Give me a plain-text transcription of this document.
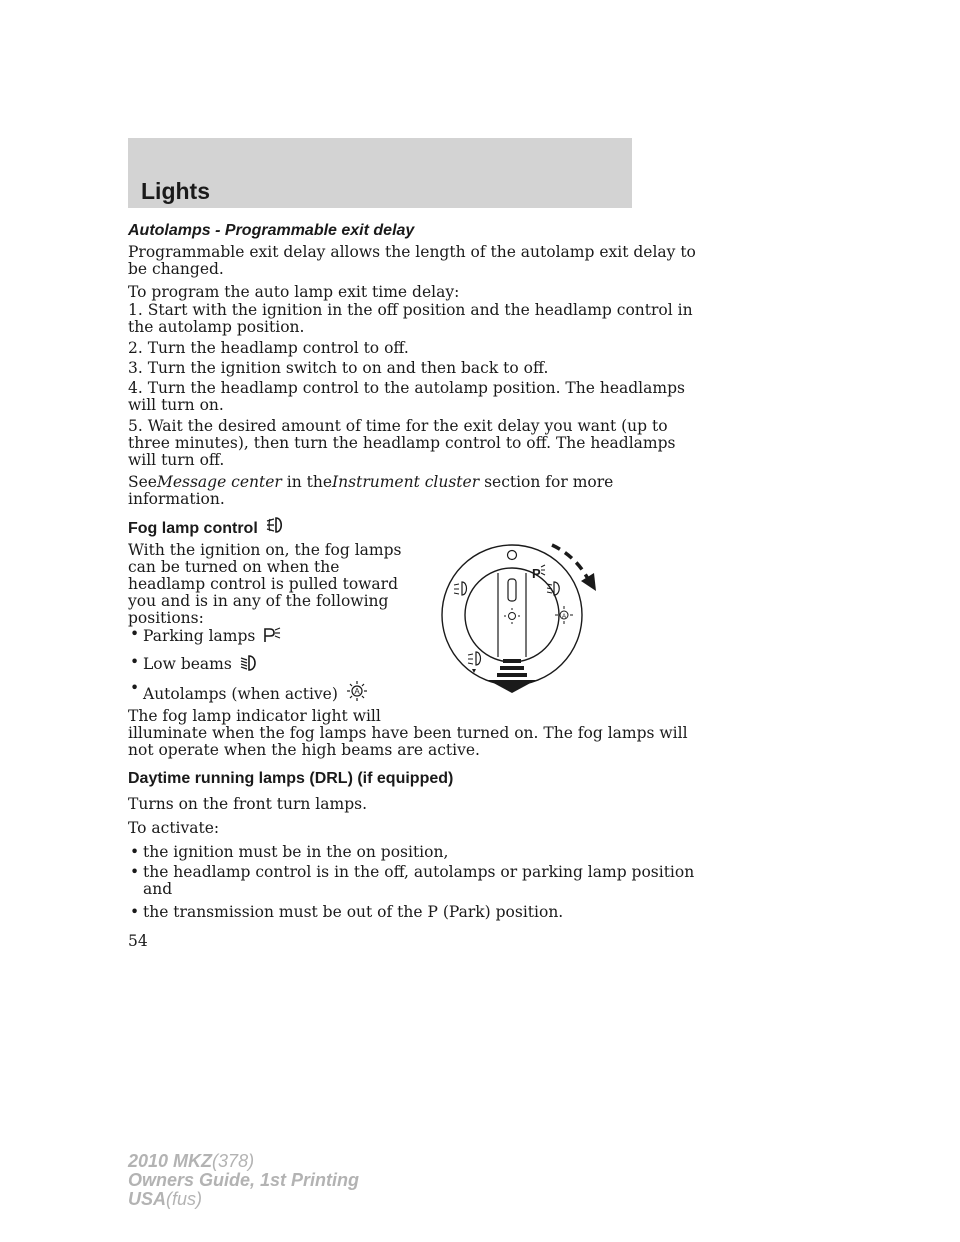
Lights
Autolamps - Programmable exit delay
Programmable exit delay allows the length of the autolamp exit delay to
be changed.
To program the auto lamp exit time delay:
1. Start with the ignition in the off position and the headlamp control in
the autolamp position.
2. Turn the headlamp control to off.
3. Turn the ignition switch to on and then back to off.
4. Turn the headlamp control to the autolamp position. The headlamps
will turn on.
5. Wait the desired amount of time for the exit delay you want (up to
three minutes), then turn the headlamp control to off. The headlamps
will turn off.
SeeMessage center in theInstrument cluster section for more
information.
Fog lamp control
With the ignition on, the fog lamps
can be turned on when the
headlamp control is pulled toward
you and is in any of the following
positions:
• Parking lamps
• Low beams
• Autolamps (when active) A
The fog lamp indicator light will
illuminate when the fog lamps have been turned on. The fog lamps will
not operate when the high beams are active.
P
A
Daytime running lamps (DRL) (if equipped)
Turns on the front turn lamps.
To activate:
• the ignition must be in the on position,
• the headlamp control is in the off, autolamps or parking lamp position
and
• the transmission must be out of the P (Park) position.
54
2010 MKZ(378)
Owners Guide, 1st Printing
USA(fus)
